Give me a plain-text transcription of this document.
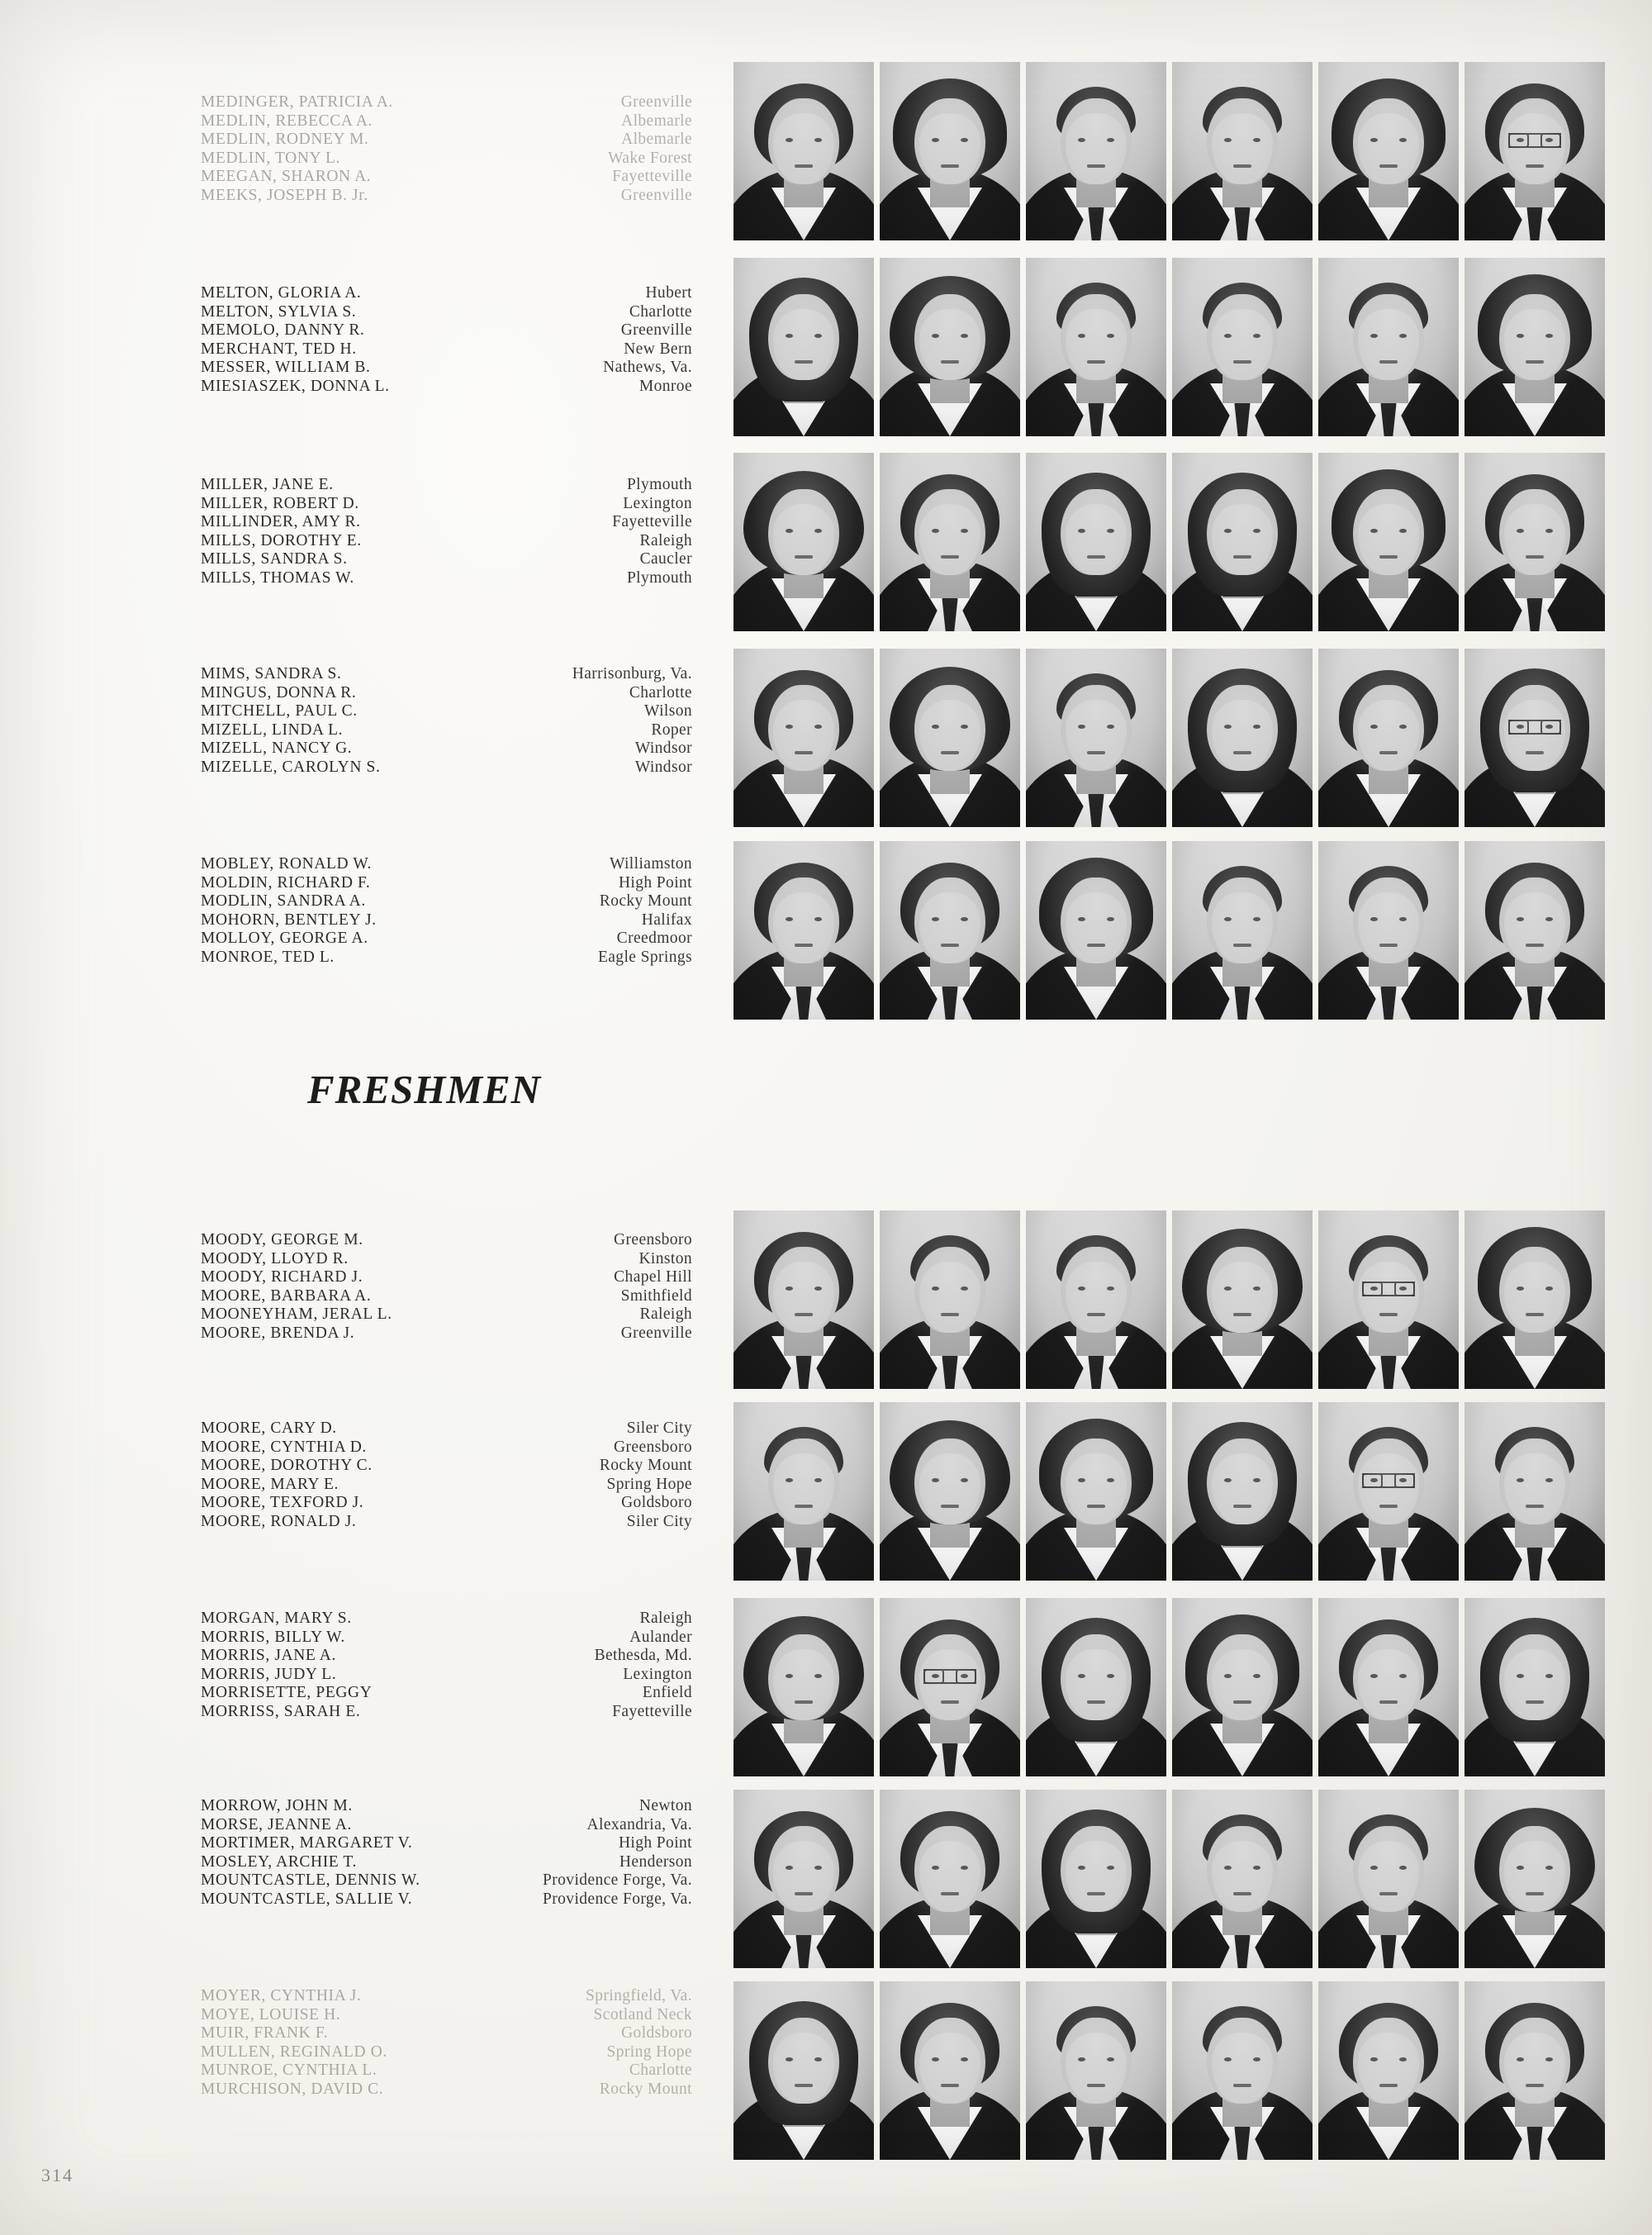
MEDINGER, PATRICIA A.
MEDLIN, REBECCA A.
MEDLIN, RODNEY M.
MEDLIN, TONY L.
MEEGAN, SHARON A.
MEEKS, JOSEPH B. Jr.
Greenville
Albemarle
Albemarle
Wake Forest
Fayetteville
Greenville
MELTON, GLORIA A.
MELTON, SYLVIA S.
MEMOLO, DANNY R.
MERCHANT, TED H.
MESSER, WILLIAM B.
MIESIASZEK, DONNA L.
Hubert
Charlotte
Greenville
New Bern
Nathews, Va.
Monroe
MILLER, JANE E.
MILLER, ROBERT D.
MILLINDER, AMY R.
MILLS, DOROTHY E.
MILLS, SANDRA S.
MILLS, THOMAS W.
Plymouth
Lexington
Fayetteville
Raleigh
Caucler
Plymouth
MIMS, SANDRA S.
MINGUS, DONNA R.
MITCHELL, PAUL C.
MIZELL, LINDA L.
MIZELL, NANCY G.
MIZELLE, CAROLYN S.
Harrisonburg, Va.
Charlotte
Wilson
Roper
Windsor
Windsor
MOBLEY, RONALD W.
MOLDIN, RICHARD F.
MODLIN, SANDRA A.
MOHORN, BENTLEY J.
MOLLOY, GEORGE A.
MONROE, TED L.
Williamston
High Point
Rocky Mount
Halifax
Creedmoor
Eagle Springs
MOODY, GEORGE M.
MOODY, LLOYD R.
MOODY, RICHARD J.
MOORE, BARBARA A.
MOONEYHAM, JERAL L.
MOORE, BRENDA J.
Greensboro
Kinston
Chapel Hill
Smithfield
Raleigh
Greenville
MOORE, CARY D.
MOORE, CYNTHIA D.
MOORE, DOROTHY C.
MOORE, MARY E.
MOORE, TEXFORD J.
MOORE, RONALD J.
Siler City
Greensboro
Rocky Mount
Spring Hope
Goldsboro
Siler City
MORGAN, MARY S.
MORRIS, BILLY W.
MORRIS, JANE A.
MORRIS, JUDY L.
MORRISETTE, PEGGY
MORRISS, SARAH E.
Raleigh
Aulander
Bethesda, Md.
Lexington
Enfield
Fayetteville
MORROW, JOHN M.
MORSE, JEANNE A.
MORTIMER, MARGARET V.
MOSLEY, ARCHIE T.
MOUNTCASTLE, DENNIS W.
MOUNTCASTLE, SALLIE V.
Newton
Alexandria, Va.
High Point
Henderson
Providence Forge, Va.
Providence Forge, Va.
MOYER, CYNTHIA J.
MOYE, LOUISE H.
MUIR, FRANK F.
MULLEN, REGINALD O.
MUNROE, CYNTHIA L.
MURCHISON, DAVID C.
Springfield, Va.
Scotland Neck
Goldsboro
Spring Hope
Charlotte
Rocky Mount
FRESHMEN
314
